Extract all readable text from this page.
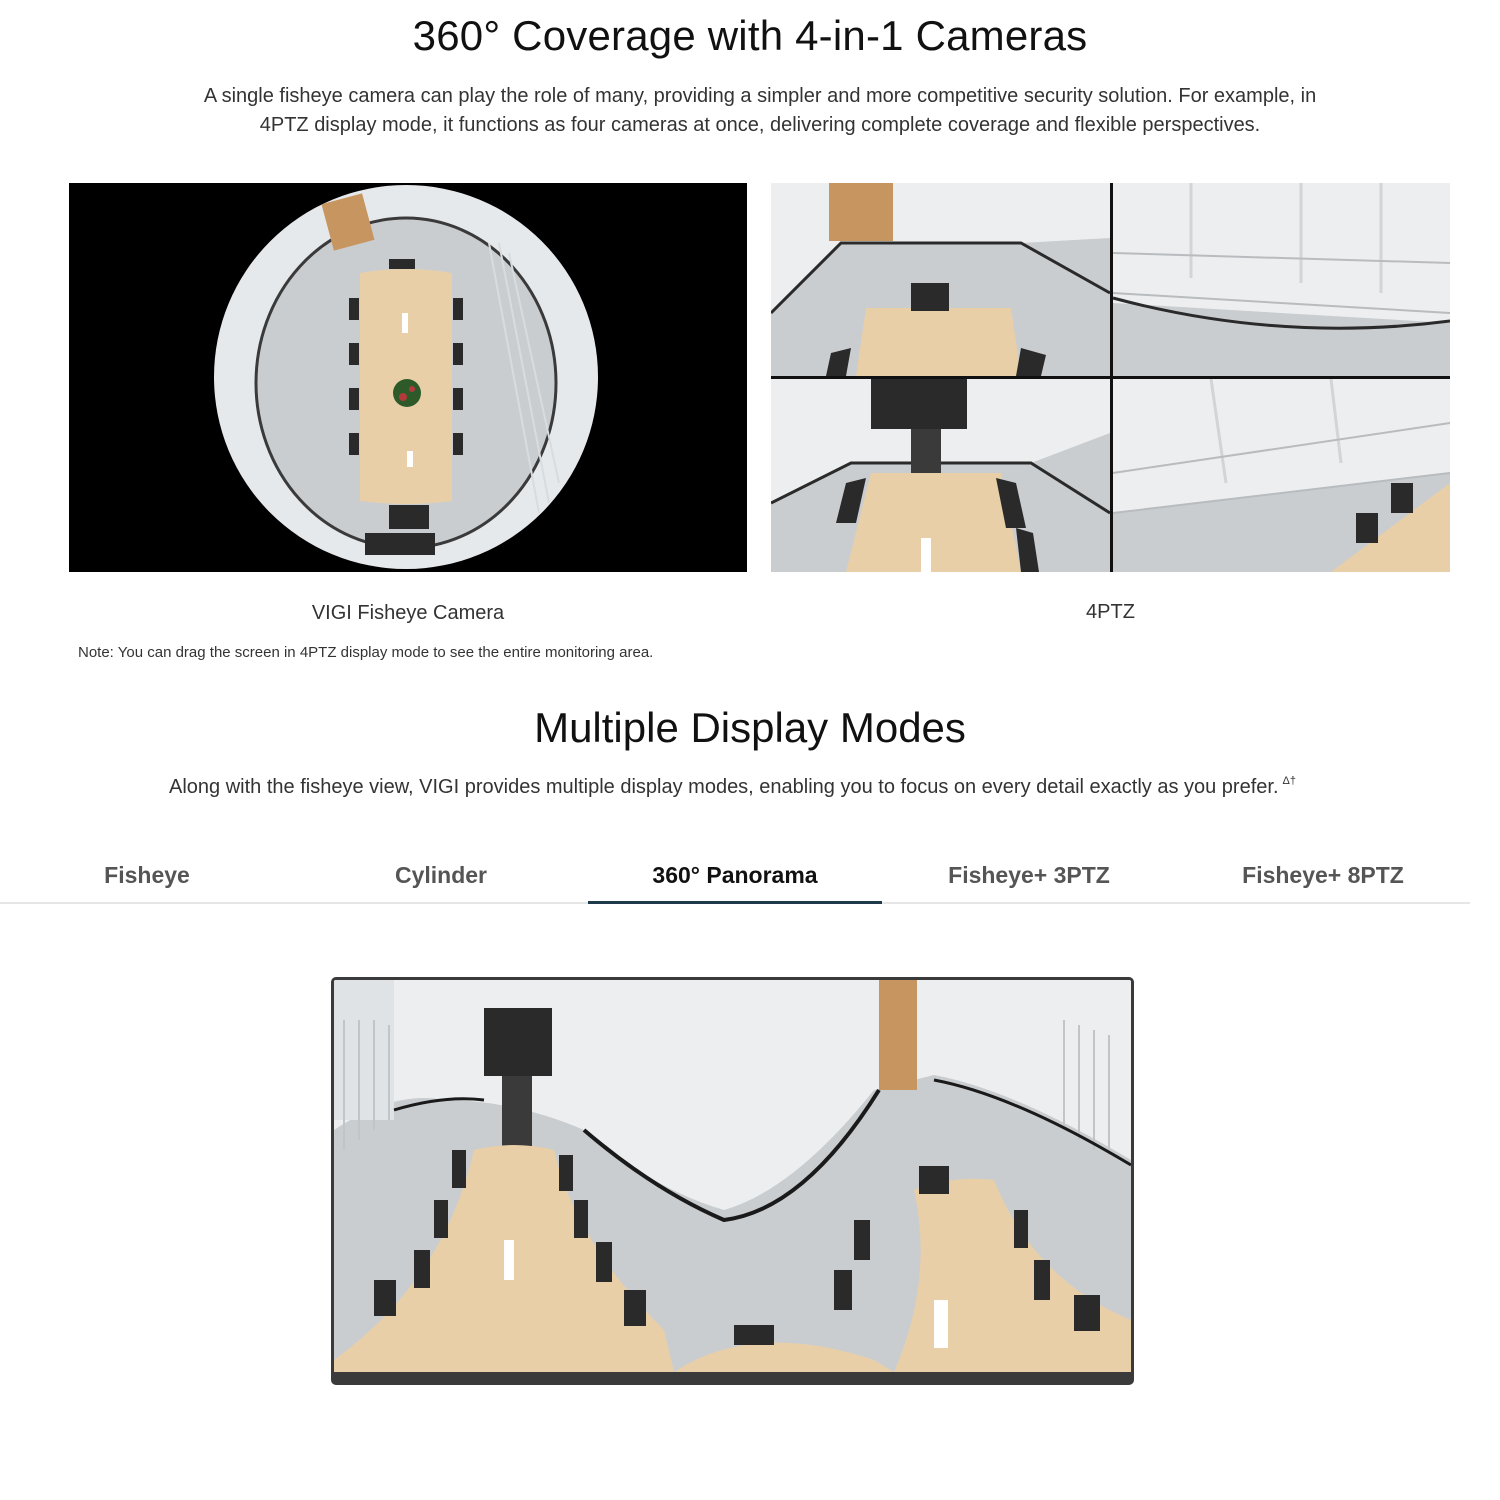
360° Coverage with 4-in-1 Cameras

A single fisheye camera can play the role of many, providing a simpler and more competitive security solution. For example, in 4PTZ display mode, it functions as four cameras at once, delivering complete coverage and flexible perspectives.

VIGI Fisheye Camera	4PTZ
Note: You can drag the screen in 4PTZ display mode to see the entire monitoring area.
Multiple Display Modes

Along with the fisheye view, VIGI provides multiple display modes, enabling you to focus on every detail exactly as you prefer. $^{\Delta\dagger}$

Fisheye	Cylinder	360° Panorama	Fisheye+ 3PTZ	Fisheye+ 8PTZ
